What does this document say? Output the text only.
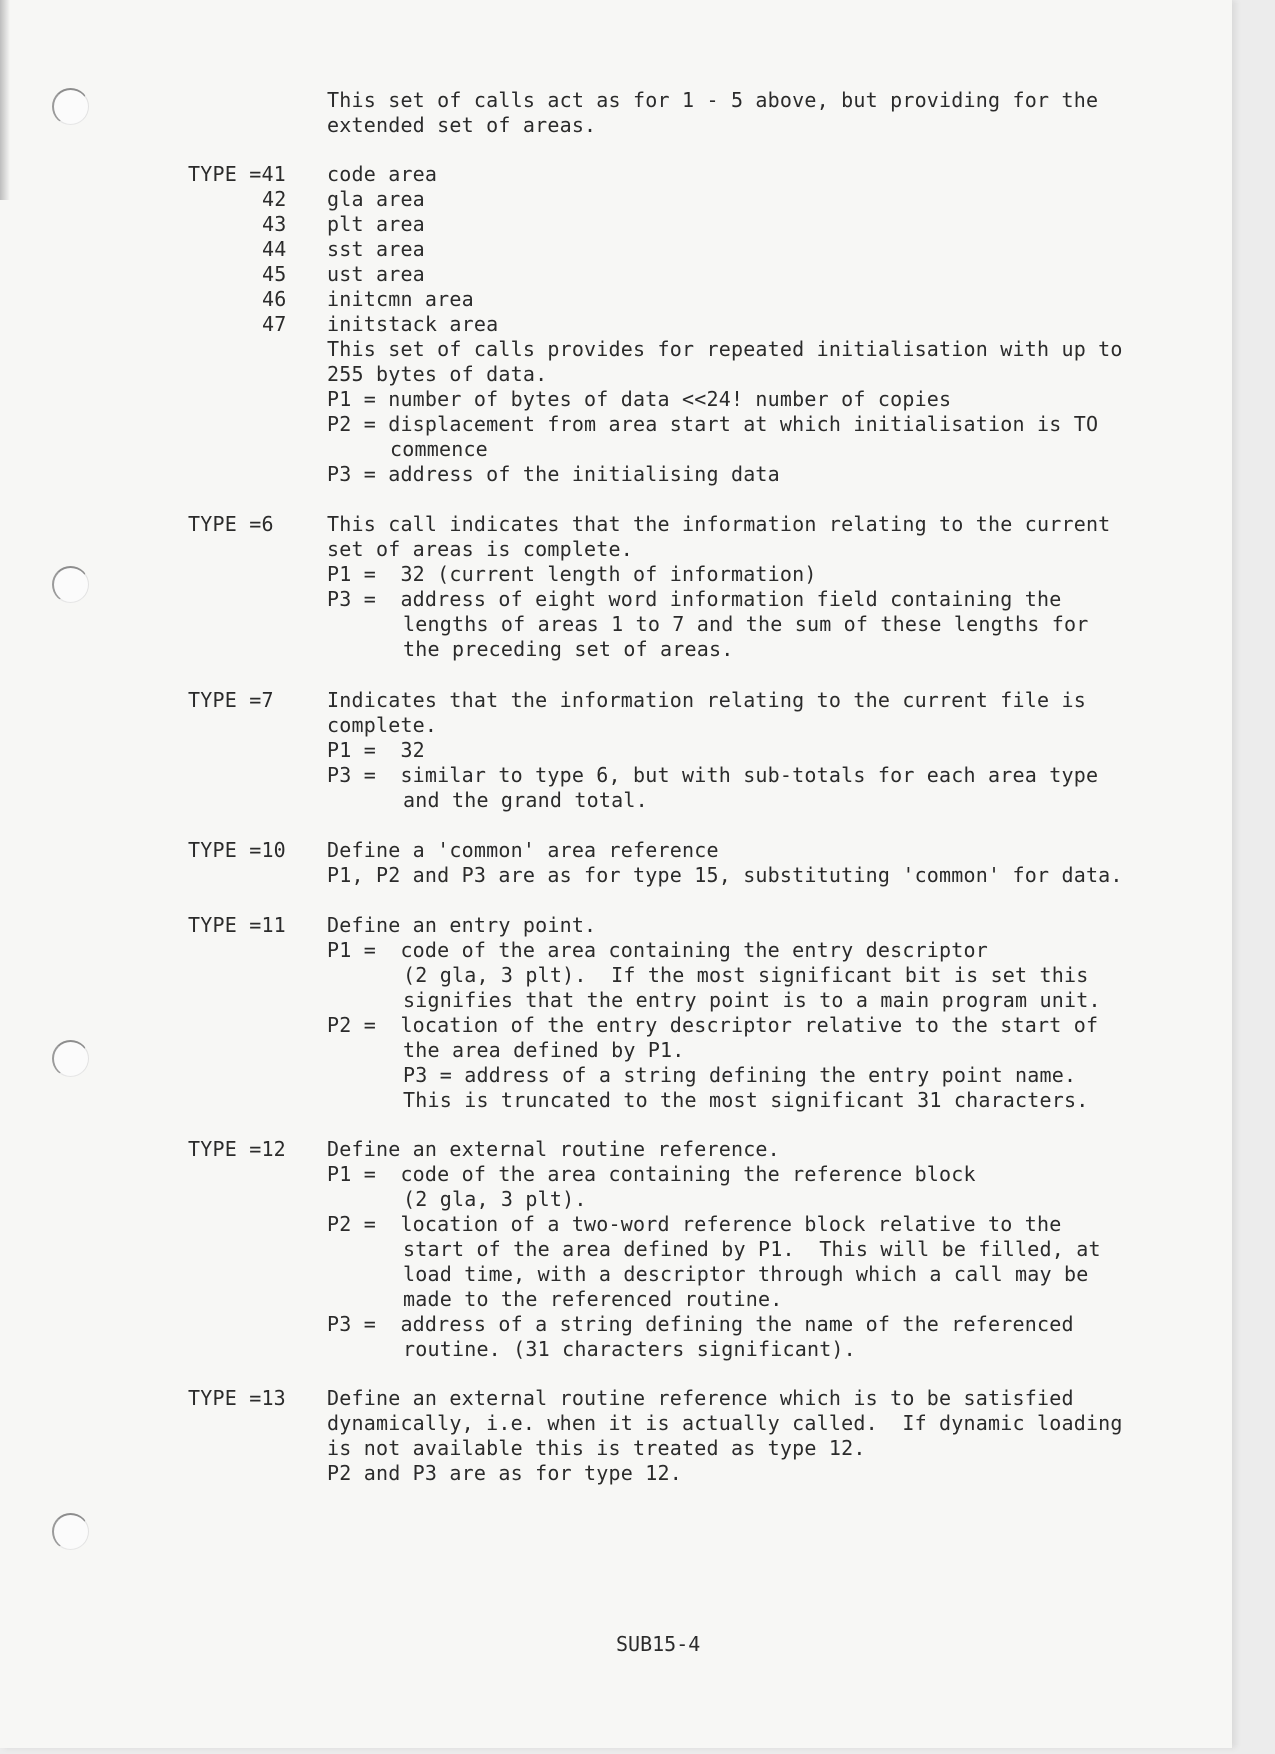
This set of calls act as for 1 - 5 above, but providing for the
extended set of areas.
TYPE =41 code area
42 gla area
43 plt area
44 sst area
45 ust area
46 initcmn area
47 initstack area
This set of calls provides for repeated initialisation with up to
255 bytes of data.
P1 = number of bytes of data <<24! number of copies
P2 = displacement from area start at which initialisation is TO
commence
P3 = address of the initialising data
TYPE =6	This call indicates that the information relating to the current
set of areas is complete.
P1 =  32 (current length of information)
P3 =  address of eight word information field containing the
lengths of areas 1 to 7 and the sum of these lengths for
the preceding set of areas.
TYPE =7	Indicates that the information relating to the current file is
complete.
P1 =  32
P3 =  similar to type 6, but with sub-totals for each area type
and the grand total.
TYPE =10 Define a 'common' area reference
P1, P2 and P3 are as for type 15, substituting 'common' for data.
TYPE =11 Define an entry point.
P1 =  code of the area containing the entry descriptor
(2 gla, 3 plt).  If the most significant bit is set this
signifies that the entry point is to a main program unit.
P2 =  location of the entry descriptor relative to the start of
the area defined by P1.
P3 = address of a string defining the entry point name.
This is truncated to the most significant 31 characters.
TYPE =12 Define an external routine reference.
P1 =  code of the area containing the reference block
(2 gla, 3 plt).
P2 =  location of a two-word reference block relative to the
start of the area defined by P1.  This will be filled, at
load time, with a descriptor through which a call may be
made to the referenced routine.
P3 =  address of a string defining the name of the referenced
routine. (31 characters significant).
TYPE =13 Define an external routine reference which is to be satisfied
dynamically, i.e. when it is actually called.  If dynamic loading
is not available this is treated as type 12.
P2 and P3 are as for type 12.
SUB15-4
